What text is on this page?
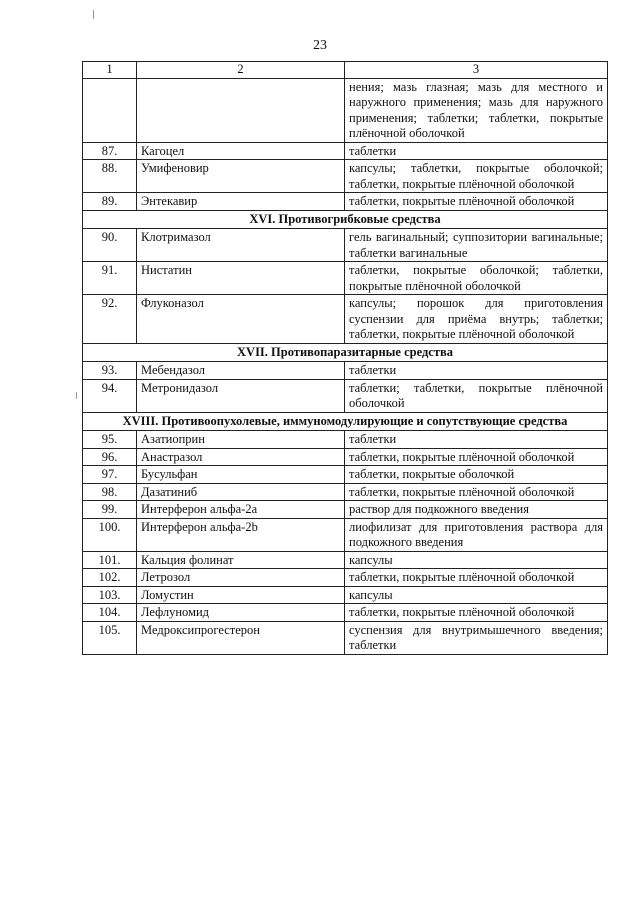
23
1	2	3
		нения; мазь глазная; мазь для местного и наружного применения; мазь для наружного применения; таблетки; таблетки, покрытые плёночной оболочкой
87.	Кагоцел	таблетки
88.	Умифеновир	капсулы; таблетки, покрытые оболочкой; таблетки, покрытые плёночной оболочкой
89.	Энтекавир	таблетки, покрытые плёночной оболочкой
XVI. Противогрибковые средства		
90.	Клотримазол	гель вагинальный; суппозитории вагинальные; таблетки вагинальные
91.	Нистатин	таблетки, покрытые оболочкой; таблетки, покрытые плёночной оболочкой
92.	Флуконазол	капсулы; порошок для приготовления суспензии для приёма внутрь; таблетки; таблетки, покрытые плёночной оболочкой
XVII. Противопаразитарные средства		
93.	Мебендазол	таблетки
94.	Метронидазол	таблетки; таблетки, покрытые плёночной оболочкой
XVIII. Противоопухолевые, иммуномодулирующие и сопутствующие средства		
95.	Азатиоприн	таблетки
96.	Анастразол	таблетки, покрытые плёночной оболочкой
97.	Бусульфан	таблетки, покрытые оболочкой
98.	Дазатиниб	таблетки, покрытые плёночной оболочкой
99.	Интерферон альфа-2а	раствор для подкожного введения
100.	Интерферон альфа-2b	лиофилизат для приготовления раствора для подкожного введения
101.	Кальция фолинат	капсулы
102.	Летрозол	таблетки, покрытые плёночной оболочкой
103.	Ломустин	капсулы
104.	Лефлуномид	таблетки, покрытые плёночной оболочкой
105.	Медроксипрогестерон	суспензия для внутримышечного введения; таблетки
